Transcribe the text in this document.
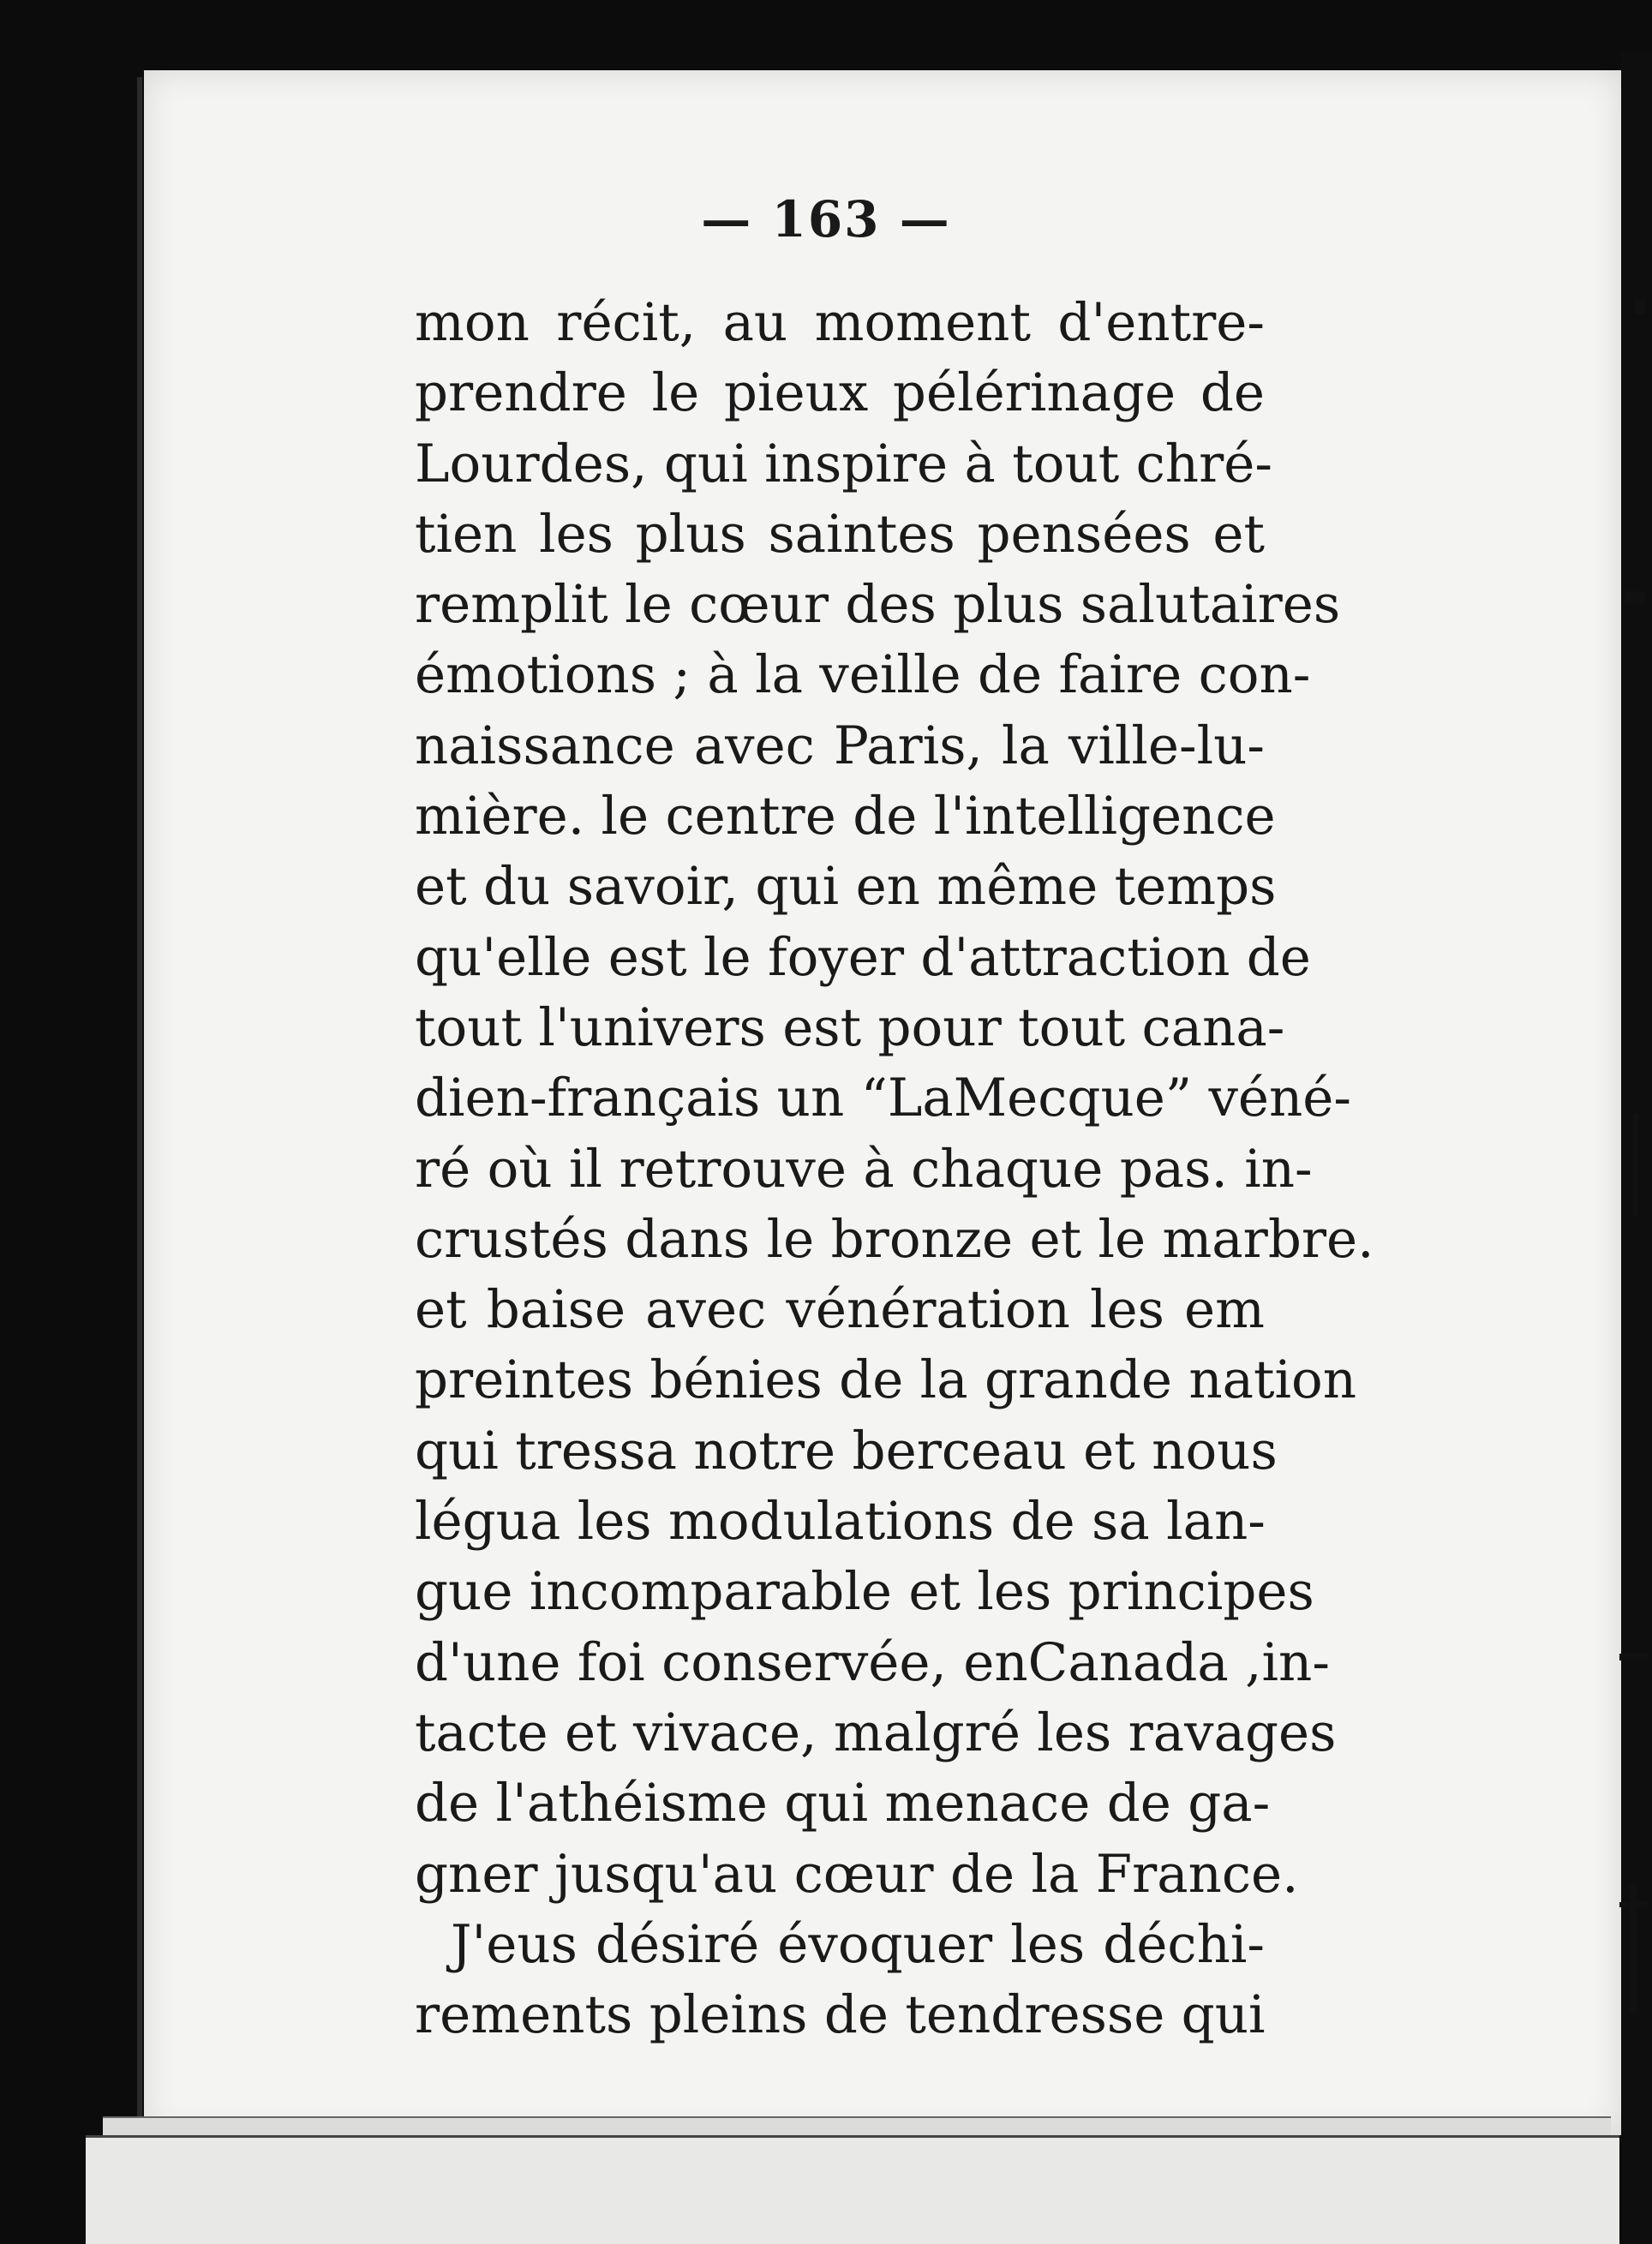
— 163 —
mon récit, au moment d'entre-
prendre le pieux pélérinage de
Lourdes, qui inspire à tout chré-
tien les plus saintes pensées et
remplit le cœur des plus salutaires
émotions ; à la veille de faire con-
naissance avec Paris, la ville-lu-
mière. le centre de l'intelligence
et du savoir, qui en même temps
qu'elle est le foyer d'attraction de
tout l'univers est pour tout cana-
dien-français un “LaMecque” véné-
ré où il retrouve à chaque pas. in-
crustés dans le bronze et le marbre.
et baise avec vénération les em
preintes bénies de la grande nation
qui tressa notre berceau et nous
légua les modulations de sa lan-
gue incomparable et les principes
d'une foi conservée, enCanada ,in-
tacte et vivace, malgré les ravages
de l'athéisme qui menace de ga-
gner jusqu'au cœur de la France.
J'eus désiré évoquer les déchi-
rements pleins de tendresse qui
